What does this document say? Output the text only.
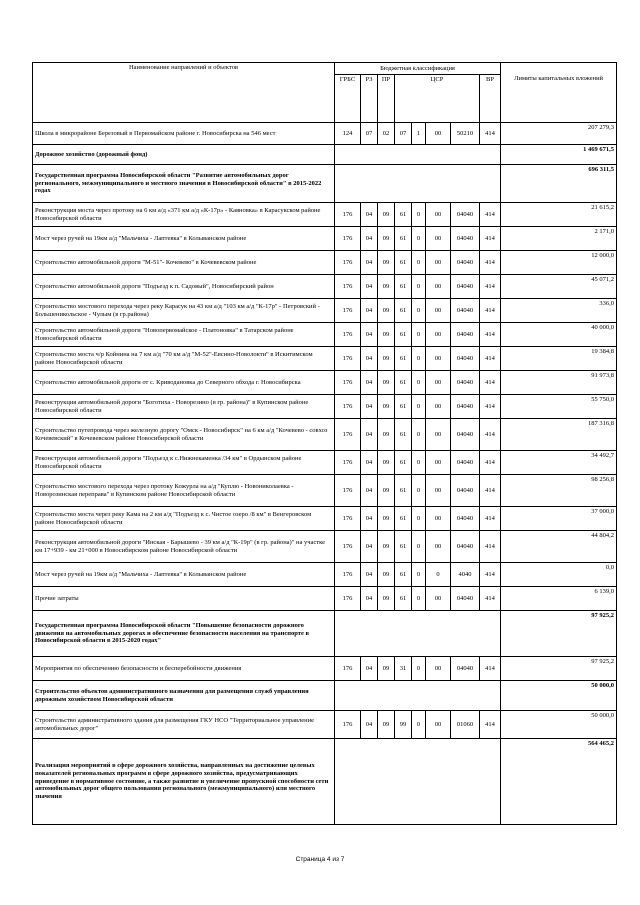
Наименование направлений и объектов	Бюджетная классификация								Лимиты капитальных вложений
	ГРБС	РЗ	ПР	ЦСР				ВР	

Школа в микрорайоне Березовый в Первомайском районе г. Новосибирска на 546 мест	124	07	02	07	1	00	50210	414	207 279,3
Дорожное хозяйство (дорожный фонд)									1 469 671,5
Государственная программа Новосибирской области "Развитие автомобильных дорог регионального, межмуниципального и местного значения в Новосибирской области" в 2015-2022 годах									696 311,5
Реконструкция моста через протоку на 6 км а/д «371 км а/д «К-17р» - Каяновка» в Карасукском районе Новосибирской области	176	04	09	61	0	00	04040	414	21 615,2
Мост через ручей на 19км а/д "Мальчиха - Лаптевка" в Колыванском районе	176	04	09	61	0	00	04040	414	2 171,0
Строительство автомобильной дороги "М-51"- Кочевево" в Кочевевском районе	176	04	09	61	0	00	04040	414	12 000,0
Строительство автомобильной дороги "Подъезд к п. Садовый", Новосибирский район	176	04	09	61	0	00	04040	414	45 071,2
Строительство мостового перехода через реку Карасук на 43 км а/д "103 км а/д "К-17р" - Петровский - Большеникольское - Чулым (в гр.района)	176	04	09	61	0	00	04040	414	336,0
Строительство автомобильной дороги "Новопервомайское - Платоновка" в Татарском районе Новосибирской области	176	04	09	61	0	00	04040	414	40 000,0
Строительство моста ч/р Койнина на 7 км а/д "70 км а/д "М-52"-Евсино-Новолокти" в Искитимском районе Новосибирской области	176	04	09	61	0	00	04040	414	19 384,8
Строительство автомобильной дороги от с. Криводановка до Северного обхода г. Новосибирска	176	04	09	61	0	00	04040	414	91 973,8
Реконструкция автомобильной дороги "Боготиха - Новорезино (в гр. района)" в Купинском районе Новосибирской области	176	04	09	61	0	00	04040	414	55 750,0
Строительство путепровода через железную дорогу "Омск - Новосибирск" на 6 км а/д "Кочевево - совхоз Кочевевский" в Кочевевском районе Новосибирской области	176	04	09	61	0	00	04040	414	187 316,8
Реконструкция автомобильной дороги "Подъезд к с.Нижнекаменка /34 км" в Ордынском районе Новосибирской области	176	04	09	61	0	00	04040	414	34 492,7
Строительство мостового перехода через протоку Кожурла на а/д "Куплю - Новониколаевка - Новорозинская переправа" в Купинском районе Новосибирской области	176	04	09	61	0	00	04040	414	98 256,8
Строительство моста через реку Кама на 2 км а/д "Подъезд к с. Чистое озеро /8 км" в Венгеровском районе Новосибирской области	176	04	09	61	0	00	04040	414	37 000,0
Реконструкция автомобильной дороги "Инская - Барышево - 39 км а/д "К-19р" (в гр. района)" на участке км 17+939 - км 21+000 в Новосибирском районе Новосибирской области	176	04	09	61	0	00	04040	414	44 804,2
Мост через ручей на 19км а/д "Мальчиха - Лаптевка" в Колыванском районе	176	04	09	61	0	0	4040	414	0,0
Прочие затраты	176	04	09	61	0	00	04040	414	6 139,0
Государственная программа Новосибирской области "Повышение безопасности дорожного движения на автомобильных дорогах и обеспечение безопасности населения на транспорте в Новосибирской области в 2015-2020 годах"									97 925,2
Мероприятия по обеспечению безопасности и бесперебойности движения	176	04	09	31	0	00	04040	414	97 925,2
Строительство объектов административного назначения для размещения служб управления дорожным хозяйством Новосибирской области									50 000,0
Строительство административного здания для размещения ГКУ НСО "Территориальное управление автомобильных дорог"	176	04	09	99	0	00	01060	414	50 000,0
Реализация мероприятий в сфере дорожного хозяйства, направленных на достижение целевых показателей региональных программ в сфере дорожного хозяйства, предусматривающих приведение в нормативное состояние, а также развитие и увеличение пропускной способности сети автомобильных дорог общего пользования регионального (межмуниципального) или местного значения									564 465,2
Страница 4 из 7
